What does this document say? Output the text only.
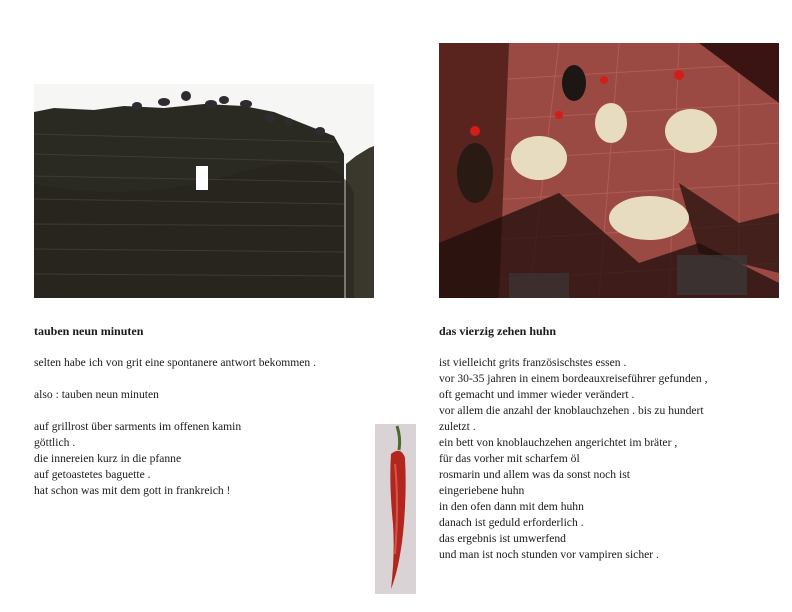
tauben neun minuten
selten habe ich von grit eine spontanere antwort bekommen .
also : tauben neun minuten
auf grillrost über sarments im offenen kamin
göttlich .
die innereien kurz in die pfanne
auf getoastetes baguette .
hat schon was mit dem gott in frankreich !
das vierzig zehen huhn
ist vielleicht grits französischstes essen .
vor 30-35 jahren in einem bordeauxreiseführer gefunden ,
oft gemacht und immer wieder verändert .
vor allem die anzahl der knoblauchzehen . bis zu hundert
zuletzt .
ein bett von knoblauchzehen angerichtet im bräter ,
für das vorher mit scharfem öl
rosmarin und allem was da sonst noch ist
eingeriebene huhn
in den ofen dann mit dem huhn
danach ist geduld erforderlich .
das ergebnis ist umwerfend
und man ist noch stunden vor vampiren sicher .
